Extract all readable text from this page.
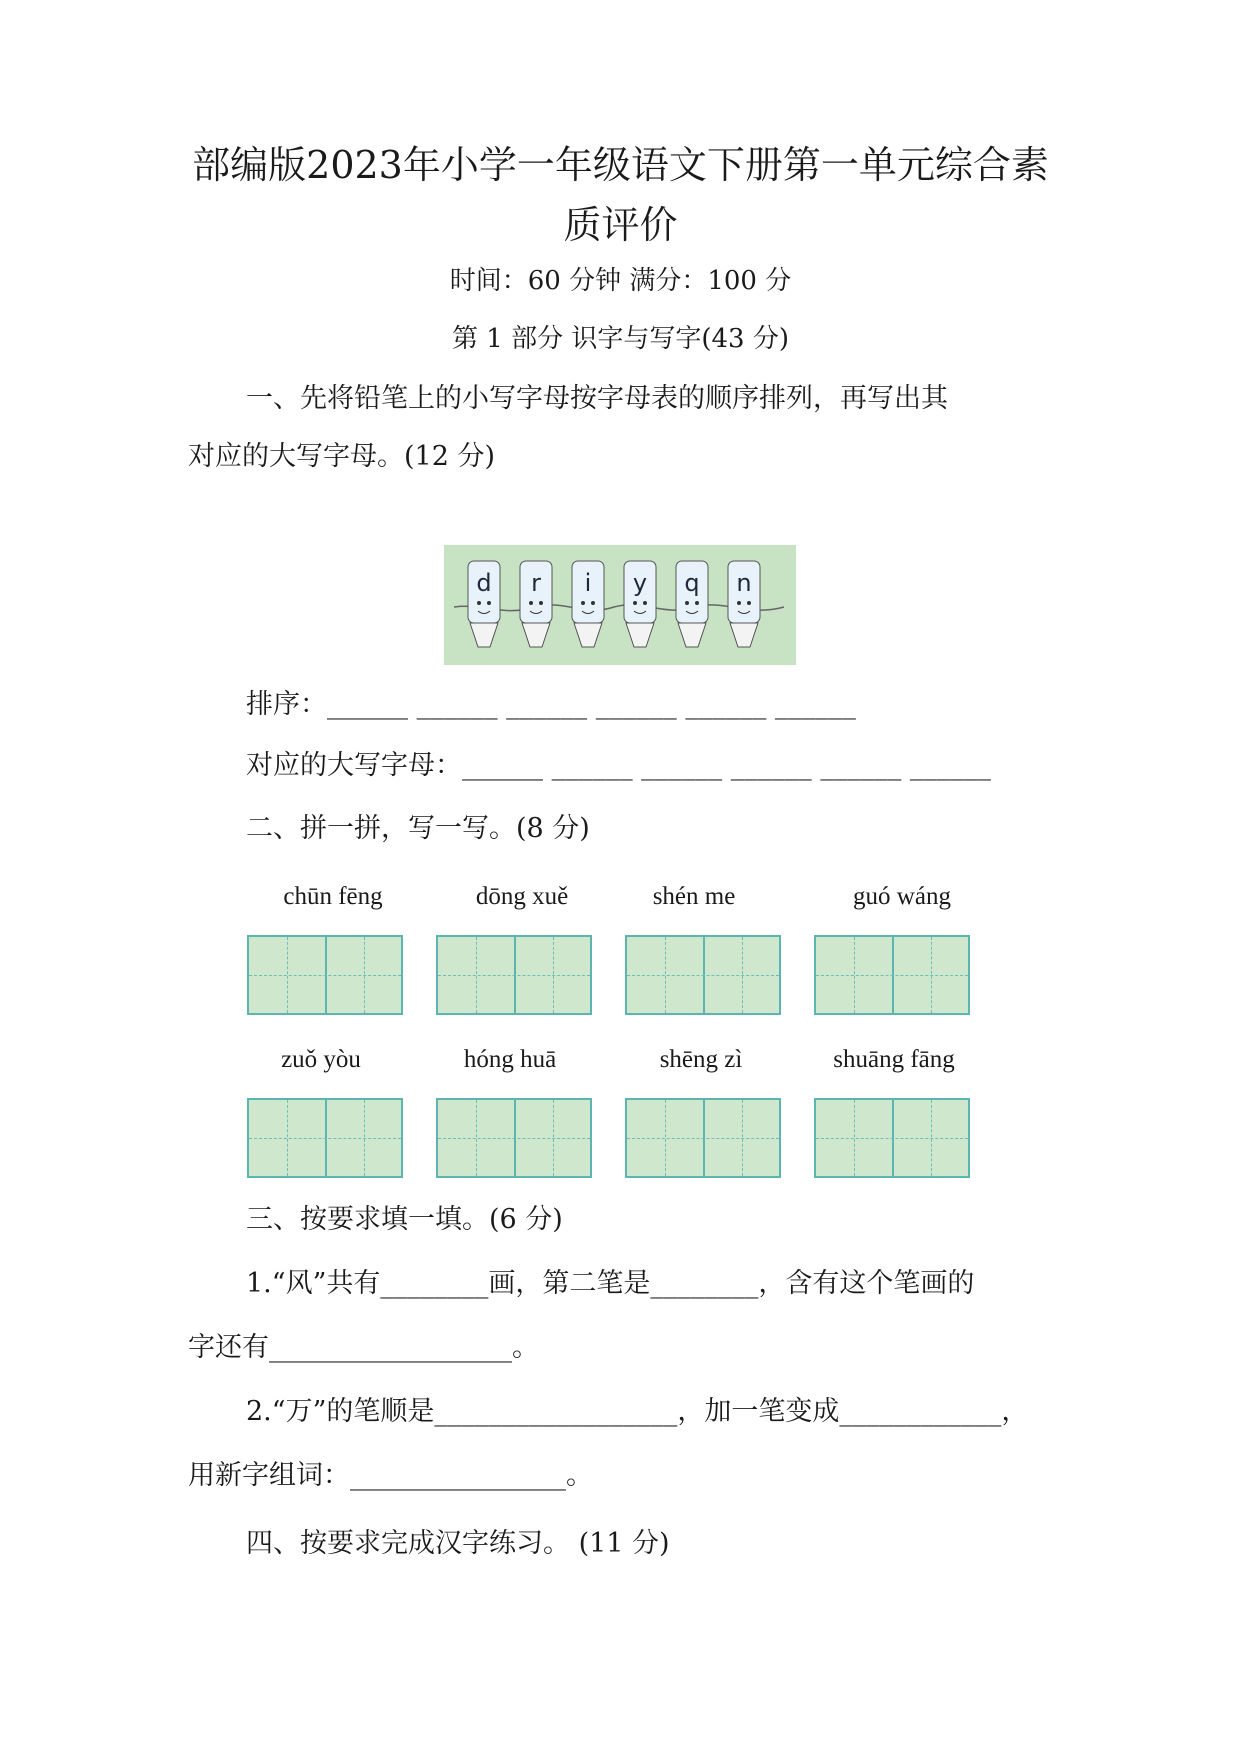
部编版2023年小学一年级语文下册第一单元综合素
质评价
时间：60 分钟 满分：100 分
第 1 部分 识字与写字(43 分)
一、先将铅笔上的小写字母按字母表的顺序排列，再写出其
对应的大写字母。(12 分)
d	r	i	y	q	n
排序：______ ______ ______ ______ ______ ______
对应的大写字母：______ ______ ______ ______ ______ ______
二、拼一拼，写一写。(8 分)
chūn fēng	dōng xuě	shén me	guó wáng
zuǒ yòu	hóng huā	shēng zì	shuāng fāng
三、按要求填一填。(6 分)
1.“风”共有________画，第二笔是________，含有这个笔画的
字还有__________________。
2.“万”的笔顺是__________________，加一笔变成____________，
用新字组词：________________。
四、按要求完成汉字练习。 (11 分)
